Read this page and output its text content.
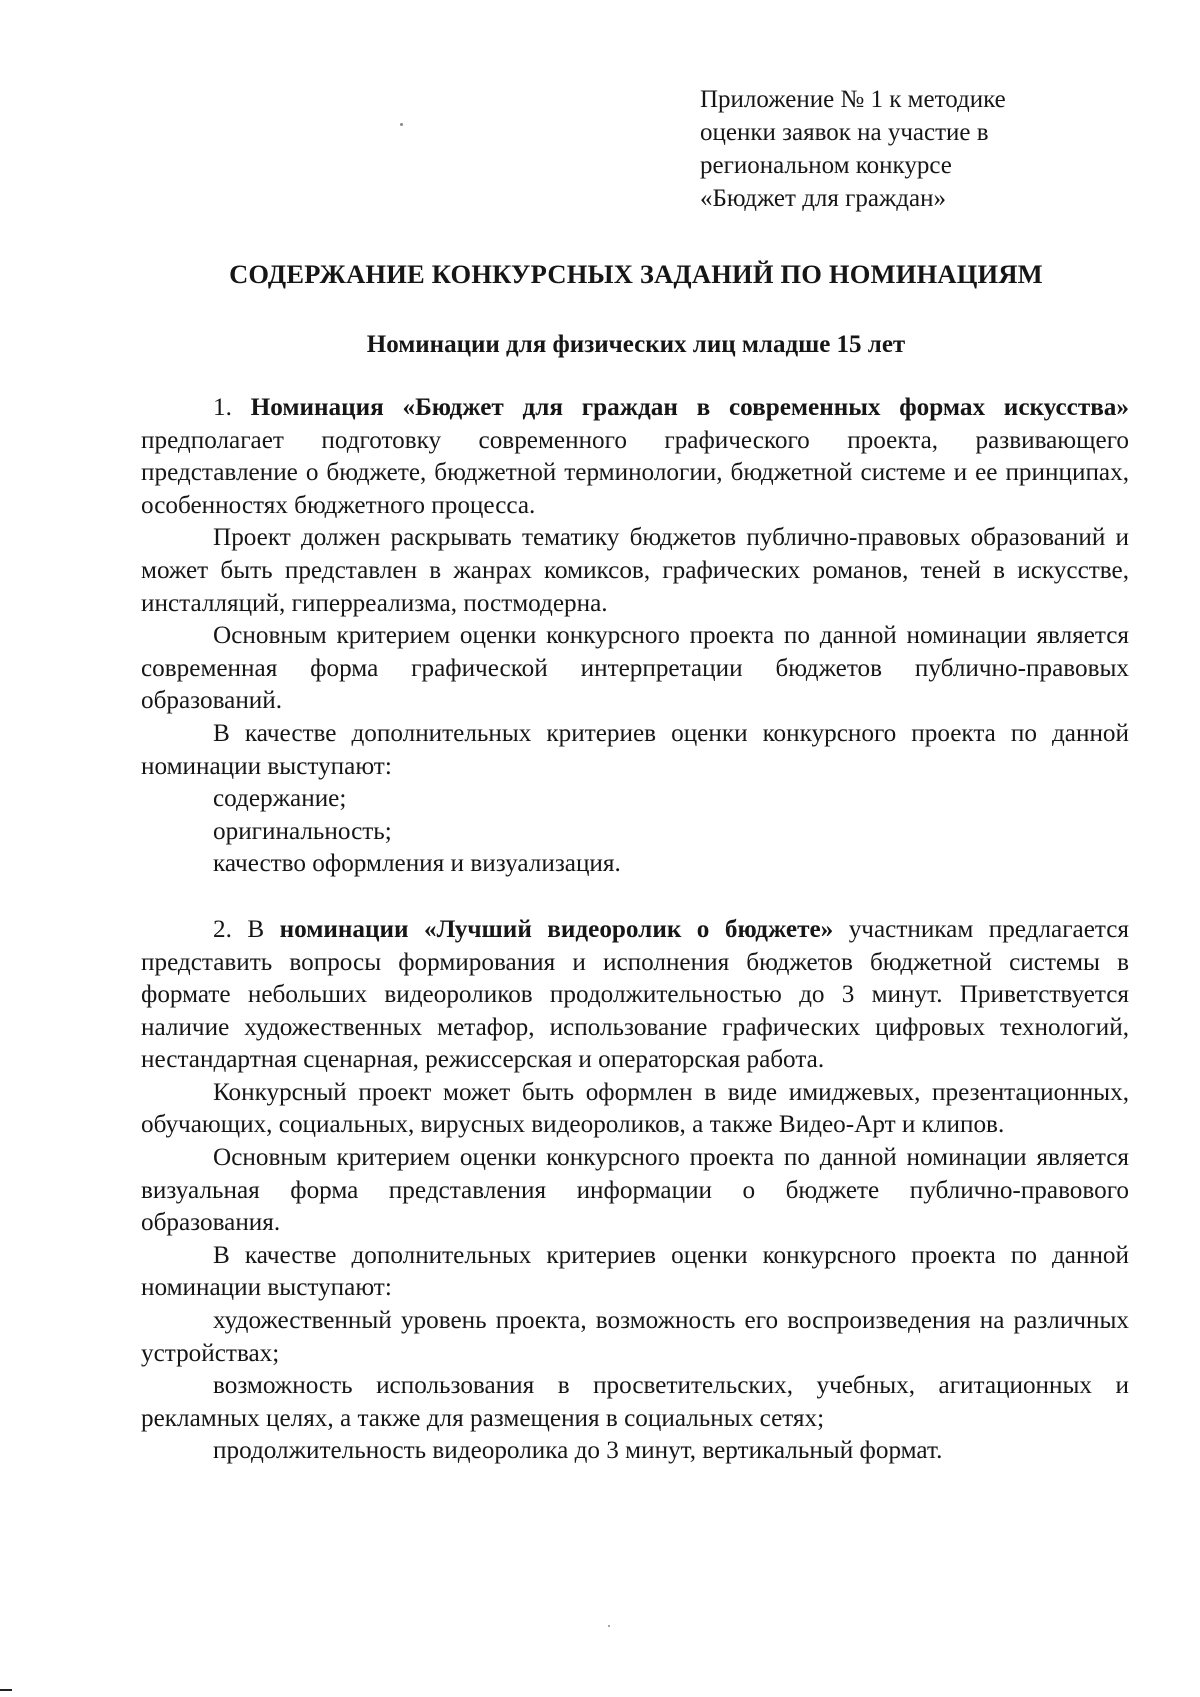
Приложение № 1 к методике
оценки заявок на участие в
региональном конкурсе
«Бюджет для граждан»
СОДЕРЖАНИЕ КОНКУРСНЫХ ЗАДАНИЙ ПО НОМИНАЦИЯМ
Номинации для физических лиц младше 15 лет

1. Номинация «Бюджет для граждан в современных формах искусства» предполагает подготовку современного графического проекта, развивающего представление о бюджете, бюджетной терминологии, бюджетной системе и ее принципах, особенностях бюджетного процесса.

Проект должен раскрывать тематику бюджетов публично-правовых образований и может быть представлен в жанрах комиксов, графических романов, теней в искусстве, инсталляций, гиперреализма, постмодерна.

Основным критерием оценки конкурсного проекта по данной номинации является современная форма графической интерпретации бюджетов публично-правовых образований.

В качестве дополнительных критериев оценки конкурсного проекта по данной номинации выступают:

содержание;

оригинальность;

качество оформления и визуализация.

2. В номинации «Лучший видеоролик о бюджете» участникам предлагается представить вопросы формирования и исполнения бюджетов бюджетной системы в формате небольших видеороликов продолжительностью до 3 минут. Приветствуется наличие художественных метафор, использование графических цифровых технологий, нестандартная сценарная, режиссерская и операторская работа.

Конкурсный проект может быть оформлен в виде имиджевых, презентационных, обучающих, социальных, вирусных видеороликов, а также Видео-Арт и клипов.

Основным критерием оценки конкурсного проекта по данной номинации является визуальная форма представления информации о бюджете публично-правового образования.

В качестве дополнительных критериев оценки конкурсного проекта по данной номинации выступают:

художественный уровень проекта, возможность его воспроизведения на различных устройствах;

возможность использования в просветительских, учебных, агитационных и рекламных целях, а также для размещения в социальных сетях;

продолжительность видеоролика до 3 минут, вертикальный формат.
